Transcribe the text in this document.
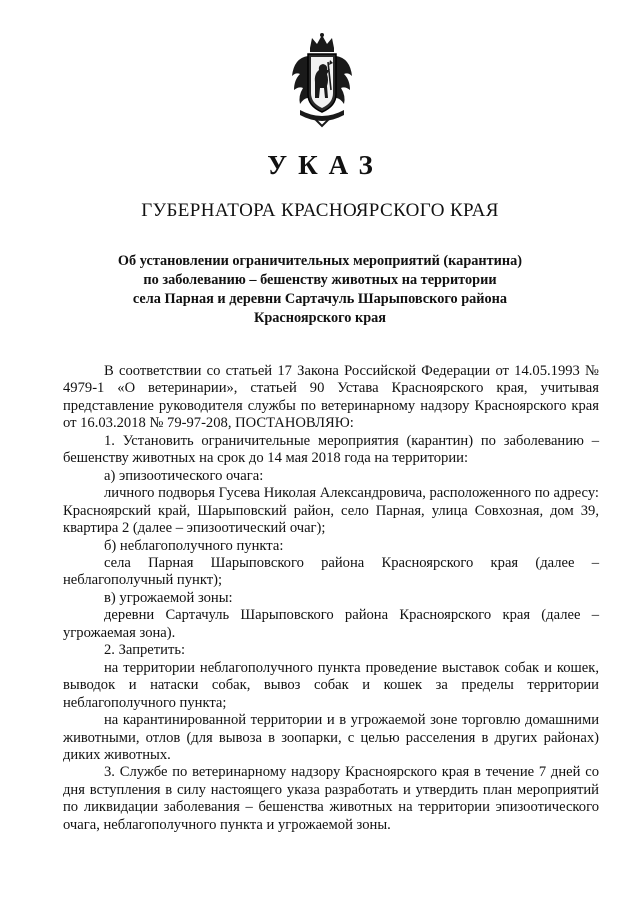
УКАЗ
ГУБЕРНАТОРА КРАСНОЯРСКОГО КРАЯ
Об установлении ограничительных мероприятий (карантина)
по заболеванию – бешенству животных на территории
села Парная и деревни Сартачуль Шарыповского района
Красноярского края

В соответствии со статьей 17 Закона Российской Федерации от 14.05.1993 № 4979-1 «О ветеринарии», статьей 90 Устава Красноярского края, учитывая представление руководителя службы по ветеринарному надзору Красноярского края от 16.03.2018 № 79-97-208, ПОСТАНОВЛЯЮ:

1. Установить ограничительные мероприятия (карантин) по заболеванию – бешенству животных на срок до 14 мая 2018 года на территории:

а) эпизоотического очага:

личного подворья Гусева Николая Александровича, расположенного по адресу: Красноярский край, Шарыповский район, село Парная, улица Совхозная, дом 39, квартира 2 (далее – эпизоотический очаг);

б) неблагополучного пункта:

села Парная Шарыповского района Красноярского края (далее – неблагополучный пункт);

в) угрожаемой зоны:

деревни Сартачуль Шарыповского района Красноярского края (далее – угрожаемая зона).

2. Запретить:

на территории неблагополучного пункта проведение выставок собак и кошек, выводок и натаски собак, вывоз собак и кошек за пределы территории неблагополучного пункта;

на карантинированной территории и в угрожаемой зоне торговлю домашними животными, отлов (для вывоза в зоопарки, с целью расселения в других районах) диких животных.

3. Службе по ветеринарному надзору Красноярского края в течение 7 дней со дня вступления в силу настоящего указа разработать и утвердить план мероприятий по ликвидации заболевания – бешенства животных на территории эпизоотического очага, неблагополучного пункта и угрожаемой зоны.
